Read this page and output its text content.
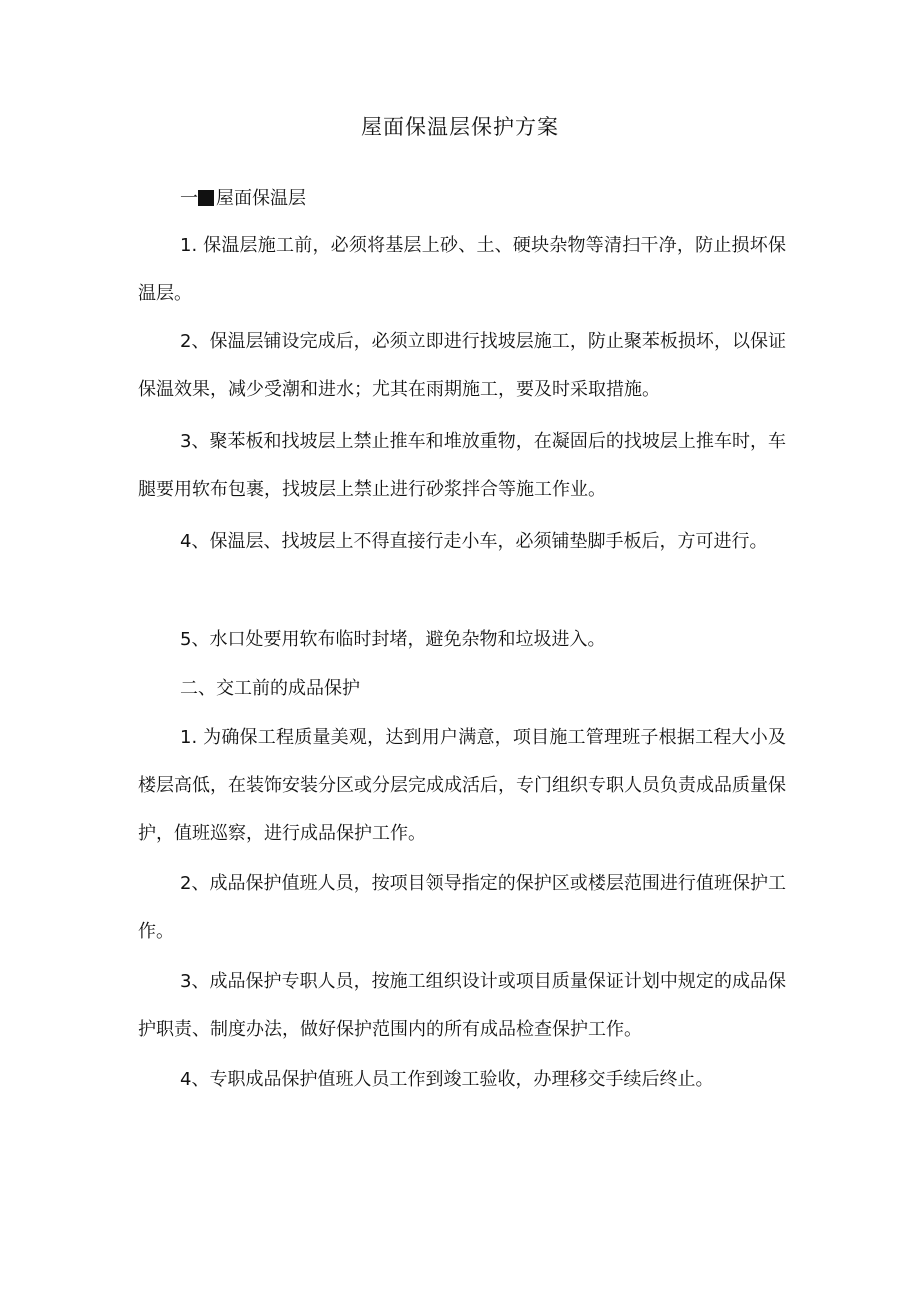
屋面保温层保护方案
一 屋面保温层

1. 保温层施工前，必须将基层上砂、土、硬块杂物等清扫干净，防止损坏保温层。

2、保温层铺设完成后，必须立即进行找坡层施工，防止聚苯板损坏，以保证保温效果，减少受潮和进水；尤其在雨期施工，要及时采取措施。

3、聚苯板和找坡层上禁止推车和堆放重物，在凝固后的找坡层上推车时，车腿要用软布包裹，找坡层上禁止进行砂浆拌合等施工作业。

4、保温层、找坡层上不得直接行走小车，必须铺垫脚手板后，方可进行。

5、水口处要用软布临时封堵，避免杂物和垃圾进入。

二、交工前的成品保护

1. 为确保工程质量美观，达到用户满意，项目施工管理班子根据工程大小及楼层高低，在装饰安装分区或分层完成成活后，专门组织专职人员负责成品质量保护，值班巡察，进行成品保护工作。

2、成品保护值班人员，按项目领导指定的保护区或楼层范围进行值班保护工作。

3、成品保护专职人员，按施工组织设计或项目质量保证计划中规定的成品保护职责、制度办法，做好保护范围内的所有成品检查保护工作。

4、专职成品保护值班人员工作到竣工验收，办理移交手续后终止。
